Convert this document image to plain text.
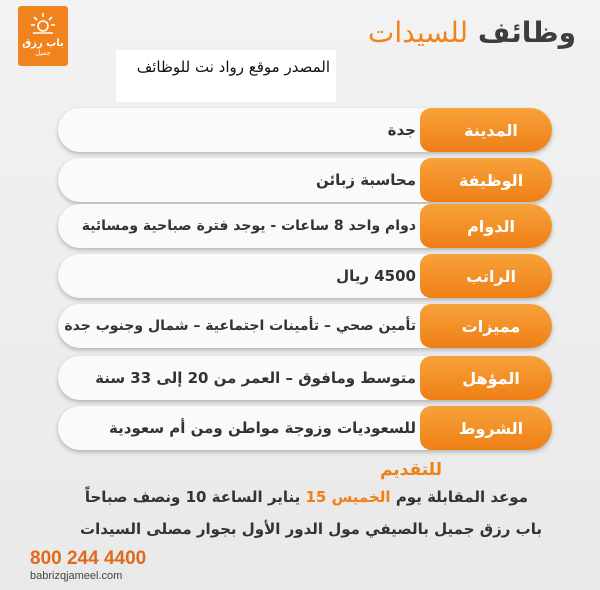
باب رزق
جميل
وظائف للسيدات
المصدر موقع رواد نت للوظائف
المدينة
جدة
الوظيفة
محاسبة زبائن
الدوام
دوام واحد 8 ساعات - يوجد فترة صباحية ومسائية
الراتب
4500 ريال
مميزات
تأمين صحي – تأمينات اجتماعية – شمال وجنوب جدة
المؤهل
متوسط ومافوق – العمر من 20 إلى 33 سنة
الشروط
للسعوديات وزوجة مواطن ومن أم سعودية
للتقديم
موعد المقابلة يوم الخميس 15 يناير الساعة 10 ونصف صباحاً
باب رزق جميل بالصيفي مول الدور الأول بجوار مصلى السيدات
800 244 4400
babrizqjameel.com
